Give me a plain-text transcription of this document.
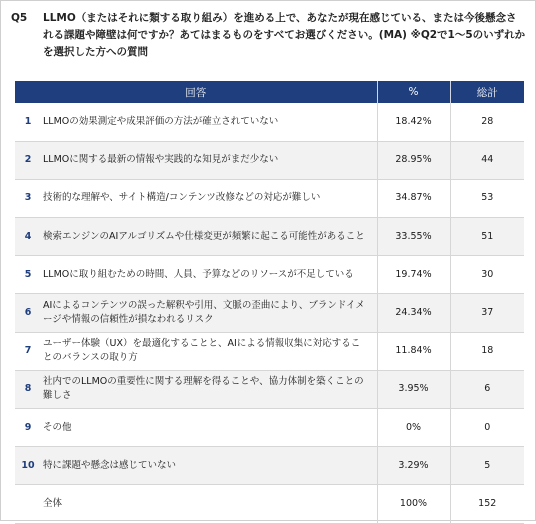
Q5	LLMO（またはそれに類する取り組み）を進める上で、あなたが現在感じている、または今後懸念される課題や障壁は何ですか？あてはまるものをすべてお選びください。(MA) ※Q2で1〜5のいずれかを選択した方への質問
回答		%	総計
1	LLMOの効果測定や成果評価の方法が確立されていない	18.42%	28
2	LLMOに関する最新の情報や実践的な知見がまだ少ない	28.95%	44
3	技術的な理解や、サイト構造/コンテンツ改修などの対応が難しい	34.87%	53
4	検索エンジンのAIアルゴリズムや仕様変更が頻繁に起こる可能性があること	33.55%	51
5	LLMOに取り組むための時間、人員、予算などのリソースが不足している	19.74%	30
6	AIによるコンテンツの誤った解釈や引用、文脈の歪曲により、ブランドイメージや情報の信頼性が損なわれるリスク	24.34%	37
7	ユーザー体験（UX）を最適化することと、AIによる情報収集に対応することのバランスの取り方	11.84%	18
8	社内でのLLMOの重要性に関する理解を得ることや、協力体制を築くことの難しさ	3.95%	6
9	その他	0%	0
10	特に課題や懸念は感じていない	3.29%	5
	全体	100%	152
